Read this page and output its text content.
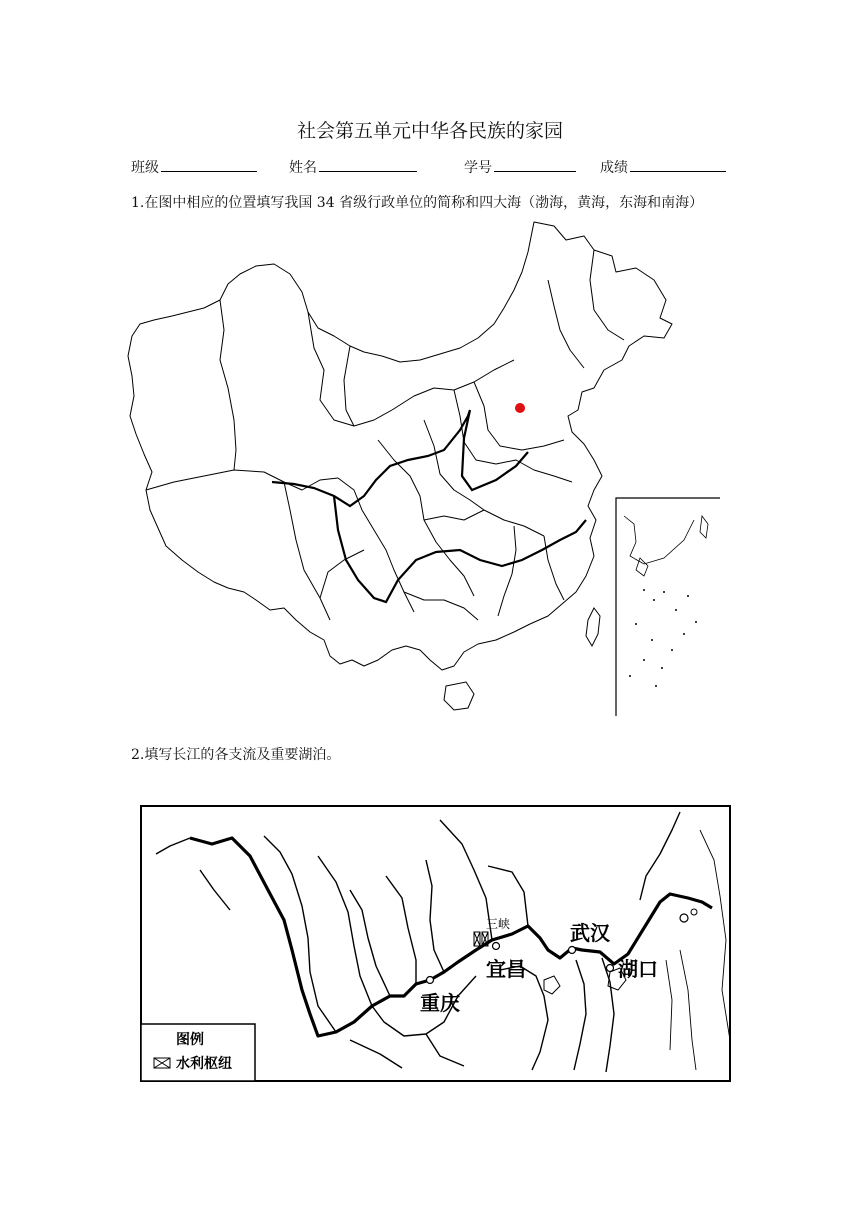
社会第五单元中华各民族的家园
班级	姓名	学号	成绩
1.在图中相应的位置填写我国 34 省级行政单位的简称和四大海（渤海，黄海，东海和南海）
2.填写长江的各支流及重要湖泊。
三峡	武汉
宜昌	湖口
重庆
图例
水利枢纽
